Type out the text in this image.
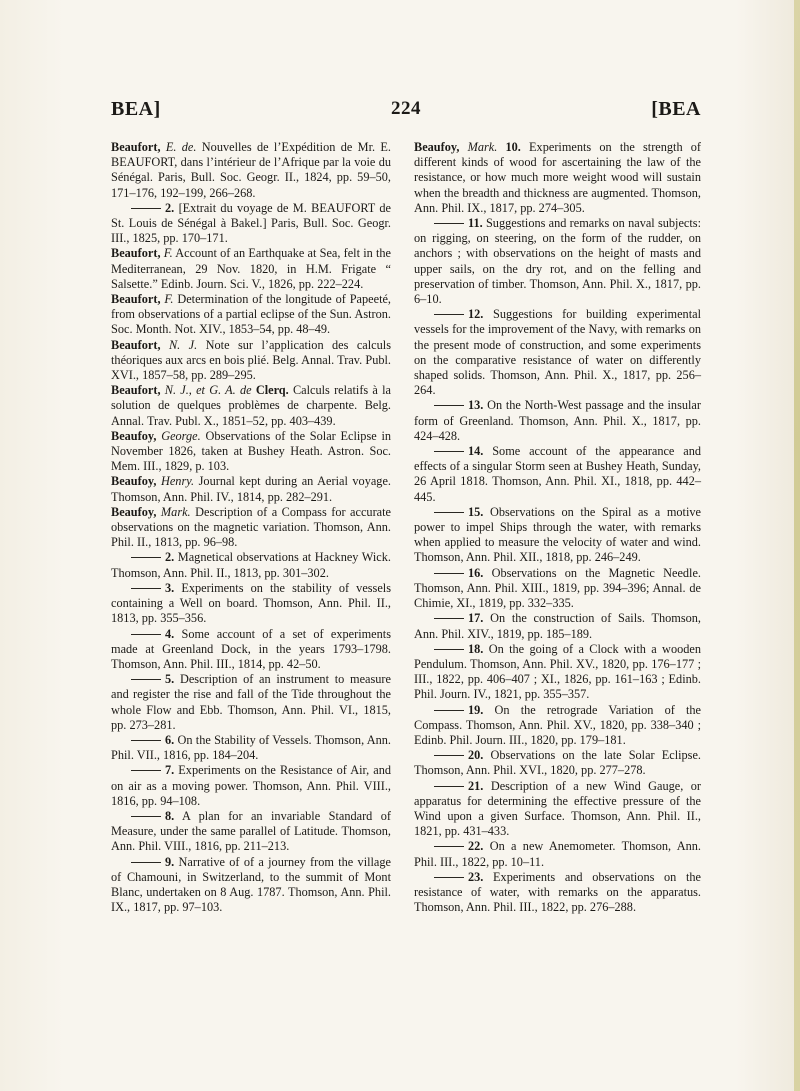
BEA]	224	[BEA

Beaufort, E. de. Nouvelles de l’Expédition de Mr. E. BEAUFORT, dans l’intérieur de l’Afrique par la voie du Sénégal. Paris, Bull. Soc. Geogr. II., 1824, pp. 59–50, 171–176, 192–199, 266–268.

2. [Extrait du voyage de M. BEAUFORT de St. Louis de Sénégal à Bakel.] Paris, Bull. Soc. Geogr. III., 1825, pp. 170–171.

Beaufort, F. Account of an Earthquake at Sea, felt in the Mediterranean, 29 Nov. 1820, in H.M. Frigate “ Salsette.” Edinb. Journ. Sci. V., 1826, pp. 222–224.

Beaufort, F. Determination of the longitude of Papeeté, from observations of a partial eclipse of the Sun. Astron. Soc. Month. Not. XIV., 1853–54, pp. 48–49.

Beaufort, N. J. Note sur l’application des calculs théoriques aux arcs en bois plié. Belg. Annal. Trav. Publ. XVI., 1857–58, pp. 289–295.

Beaufort, N. J., et G. A. de Clerq. Calculs relatifs à la solution de quelques problèmes de charpente. Belg. Annal. Trav. Publ. X., 1851–52, pp. 403–439.

Beaufoy, George. Observations of the Solar Eclipse in November 1826, taken at Bushey Heath. Astron. Soc. Mem. III., 1829, p. 103.

Beaufoy, Henry. Journal kept during an Aerial voyage. Thomson, Ann. Phil. IV., 1814, pp. 282–291.

Beaufoy, Mark. Description of a Compass for accurate observations on the magnetic variation. Thomson, Ann. Phil. II., 1813, pp. 96–98.

2. Magnetical observations at Hackney Wick. Thomson, Ann. Phil. II., 1813, pp. 301–302.

3. Experiments on the stability of vessels containing a Well on board. Thomson, Ann. Phil. II., 1813, pp. 355–356.

4. Some account of a set of experiments made at Greenland Dock, in the years 1793–1798. Thomson, Ann. Phil. III., 1814, pp. 42–50.

5. Description of an instrument to measure and register the rise and fall of the Tide throughout the whole Flow and Ebb. Thomson, Ann. Phil. VI., 1815, pp. 273–281.

6. On the Stability of Vessels. Thomson, Ann. Phil. VII., 1816, pp. 184–204.

7. Experiments on the Resistance of Air, and on air as a moving power. Thomson, Ann. Phil. VIII., 1816, pp. 94–108.

8. A plan for an invariable Standard of Measure, under the same parallel of Latitude. Thomson, Ann. Phil. VIII., 1816, pp. 211–213.

9. Narrative of of a journey from the village of Chamouni, in Switzerland, to the summit of Mont Blanc, undertaken on 8 Aug. 1787. Thomson, Ann. Phil. IX., 1817, pp. 97–103.

Beaufoy, Mark. 10. Experiments on the strength of different kinds of wood for ascertaining the law of the resistance, or how much more weight wood will sustain when the breadth and thickness are augmented. Thomson, Ann. Phil. IX., 1817, pp. 274–305.

11. Suggestions and remarks on naval subjects: on rigging, on steering, on the form of the rudder, on anchors ; with observations on the height of masts and upper sails, on the dry rot, and on the felling and preservation of timber. Thomson, Ann. Phil. X., 1817, pp. 6–10.

12. Suggestions for building experimental vessels for the improvement of the Navy, with remarks on the present mode of construction, and some experiments on the comparative resistance of water on differently shaped solids. Thomson, Ann. Phil. X., 1817, pp. 256–264.

13. On the North-West passage and the insular form of Greenland. Thomson, Ann. Phil. X., 1817, pp. 424–428.

14. Some account of the appearance and effects of a singular Storm seen at Bushey Heath, Sunday, 26 April 1818. Thomson, Ann. Phil. XI., 1818, pp. 442–445.

15. Observations on the Spiral as a motive power to impel Ships through the water, with remarks when applied to measure the velocity of water and wind. Thomson, Ann. Phil. XII., 1818, pp. 246–249.

16. Observations on the Magnetic Needle. Thomson, Ann. Phil. XIII., 1819, pp. 394–396; Annal. de Chimie, XI., 1819, pp. 332–335.

17. On the construction of Sails. Thomson, Ann. Phil. XIV., 1819, pp. 185–189.

18. On the going of a Clock with a wooden Pendulum. Thomson, Ann. Phil. XV., 1820, pp. 176–177 ; III., 1822, pp. 406–407 ; XI., 1826, pp. 161–163 ; Edinb. Phil. Journ. IV., 1821, pp. 355–357.

19. On the retrograde Variation of the Compass. Thomson, Ann. Phil. XV., 1820, pp. 338–340 ; Edinb. Phil. Journ. III., 1820, pp. 179–181.

20. Observations on the late Solar Eclipse. Thomson, Ann. Phil. XVI., 1820, pp. 277–278.

21. Description of a new Wind Gauge, or apparatus for determining the effective pressure of the Wind upon a given Surface. Thomson, Ann. Phil. II., 1821, pp. 431–433.

22. On a new Anemometer. Thomson, Ann. Phil. III., 1822, pp. 10–11.

23. Experiments and observations on the resistance of water, with remarks on the apparatus. Thomson, Ann. Phil. III., 1822, pp. 276–288.
